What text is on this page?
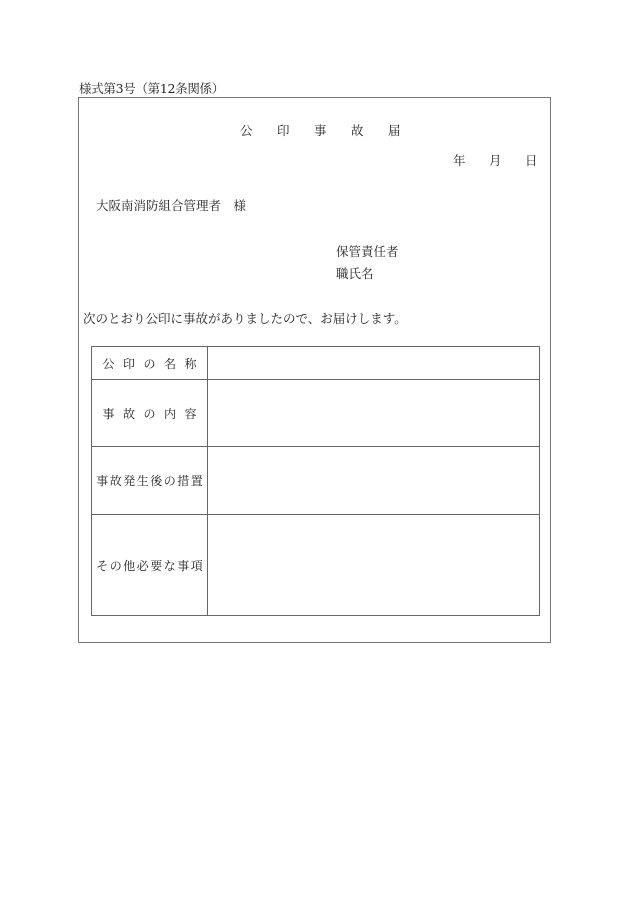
様式第3号（第12条関係）
公 印 事 故 届
年 月 日
大阪南消防組合管理者　様
保管責任者
職氏名
次のとおり公印に事故がありましたので、お届けします。
公印の名称	
事故の内容	
事故発生後の措置	
その他必要な事項	
